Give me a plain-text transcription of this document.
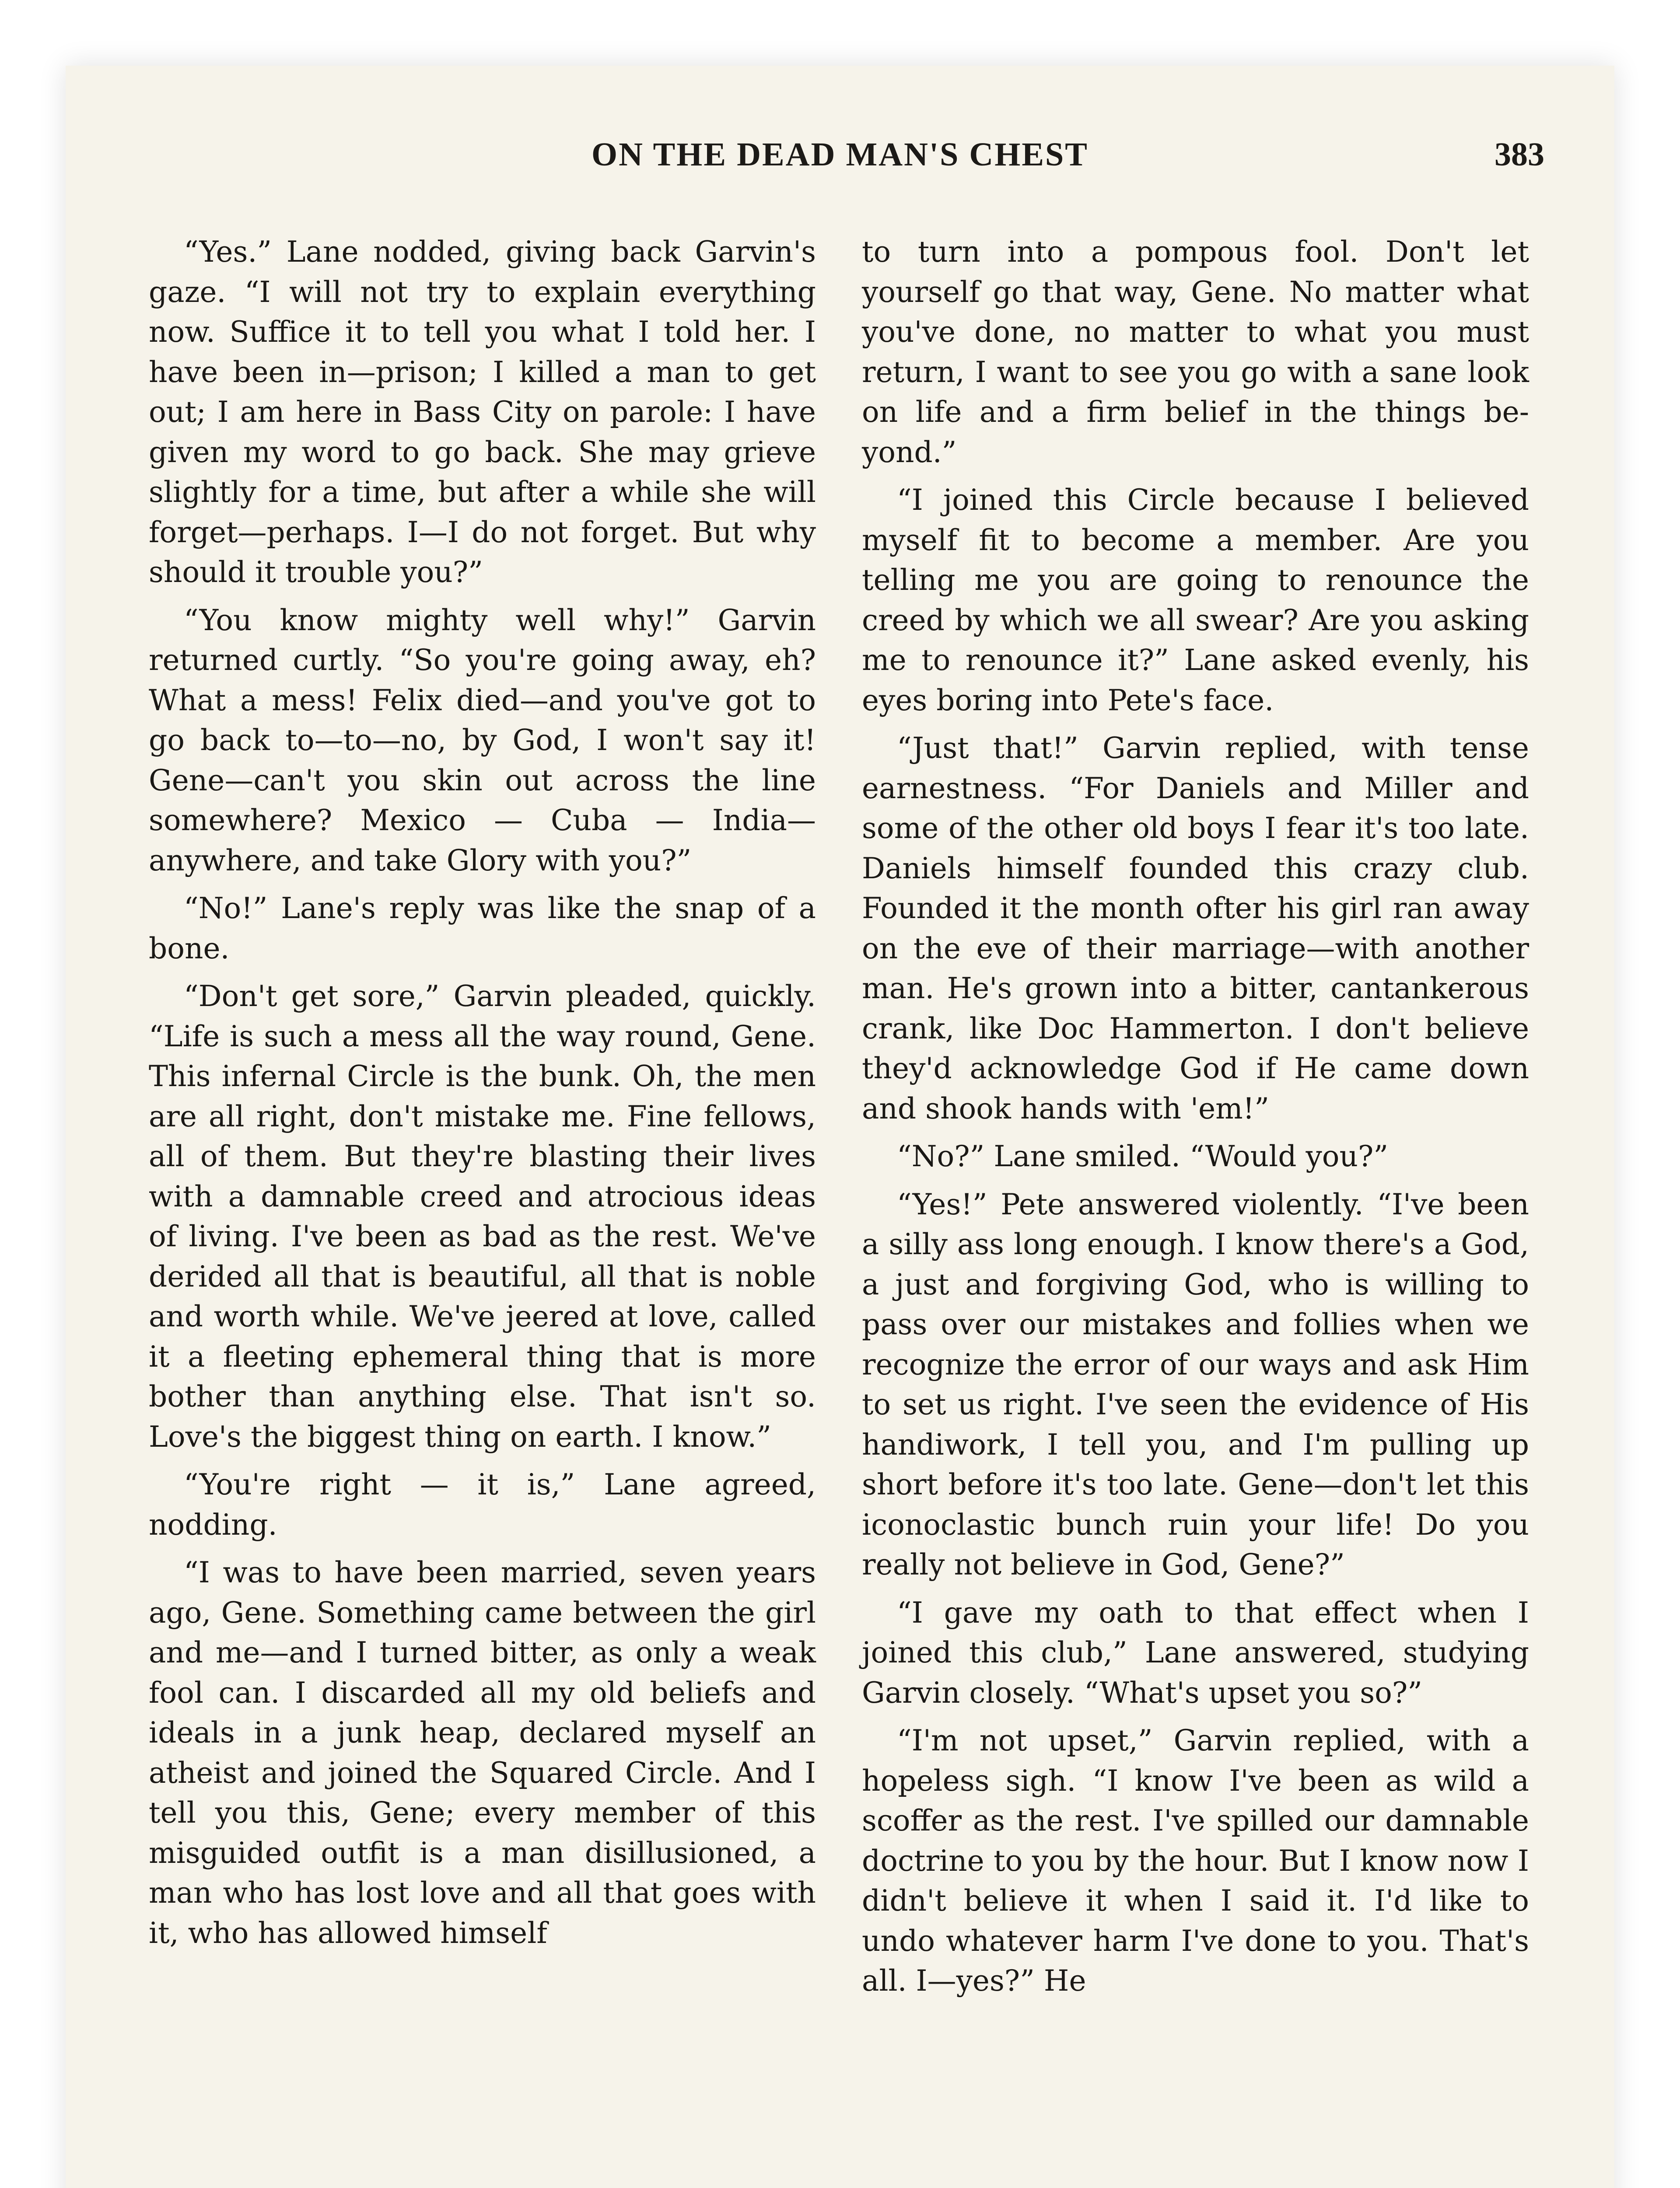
ON THE DEAD MAN'S CHEST	383

“Yes.” Lane nodded, giving back Garvin's gaze. “I will not try to explain everything now. Suffice it to tell you what I told her. I have been in—prison; I killed a man to get out; I am here in Bass City on parole: I have given my word to go back. She may grieve slightly for a time, but after a while she will forget—perhaps. I—I do not forget. But why should it trouble you?”

“You know mighty well why!” Garvin returned curtly. “So you're going away, eh? What a mess! Felix died—and you've got to go back to—to—no, by God, I won't say it! Gene—can't you skin out across the line somewhere? Mexico — Cuba — India—anywhere, and take Glory with you?”

“No!” Lane's reply was like the snap of a bone.

“Don't get sore,” Garvin pleaded, quickly. “Life is such a mess all the way round, Gene. This infernal Circle is the bunk. Oh, the men are all right, don't mistake me. Fine fellows, all of them. But they're blasting their lives with a damnable creed and atrocious ideas of living. I've been as bad as the rest. We've derided all that is beautiful, all that is noble and worth while. We've jeered at love, called it a fleeting ephemeral thing that is more bother than anything else. That isn't so. Love's the biggest thing on earth. I know.”

“You're right — it is,” Lane agreed, nodding.

“I was to have been married, seven years ago, Gene. Something came between the girl and me—and I turned bitter, as only a weak fool can. I discarded all my old beliefs and ideals in a junk heap, declared myself an atheist and joined the Squared Circle. And I tell you this, Gene; every member of this misguided outfit is a man disillusioned, a man who has lost love and all that goes with it, who has allowed himself

to turn into a pompous fool. Don't let yourself go that way, Gene. No matter what you've done, no matter to what you must return, I want to see you go with a sane look on life and a firm belief in the things beyond.”

“I joined this Circle because I believed myself fit to become a member. Are you telling me you are going to renounce the creed by which we all swear? Are you asking me to renounce it?” Lane asked evenly, his eyes boring into Pete's face.

“Just that!” Garvin replied, with tense earnestness. “For Daniels and Miller and some of the other old boys I fear it's too late. Daniels himself founded this crazy club. Founded it the month ofter his girl ran away on the eve of their marriage—with another man. He's grown into a bitter, cantankerous crank, like Doc Hammerton. I don't believe they'd acknowledge God if He came down and shook hands with 'em!”

“No?” Lane smiled. “Would you?”

“Yes!” Pete answered violently. “I've been a silly ass long enough. I know there's a God, a just and forgiving God, who is willing to pass over our mistakes and follies when we recognize the error of our ways and ask Him to set us right. I've seen the evidence of His handiwork, I tell you, and I'm pulling up short before it's too late. Gene—don't let this iconoclastic bunch ruin your life! Do you really not believe in God, Gene?”

“I gave my oath to that effect when I joined this club,” Lane answered, studying Garvin closely. “What's upset you so?”

“I'm not upset,” Garvin replied, with a hopeless sigh. “I know I've been as wild a scoffer as the rest. I've spilled our damnable doctrine to you by the hour. But I know now I didn't believe it when I said it. I'd like to undo whatever harm I've done to you. That's all. I—yes?” He
